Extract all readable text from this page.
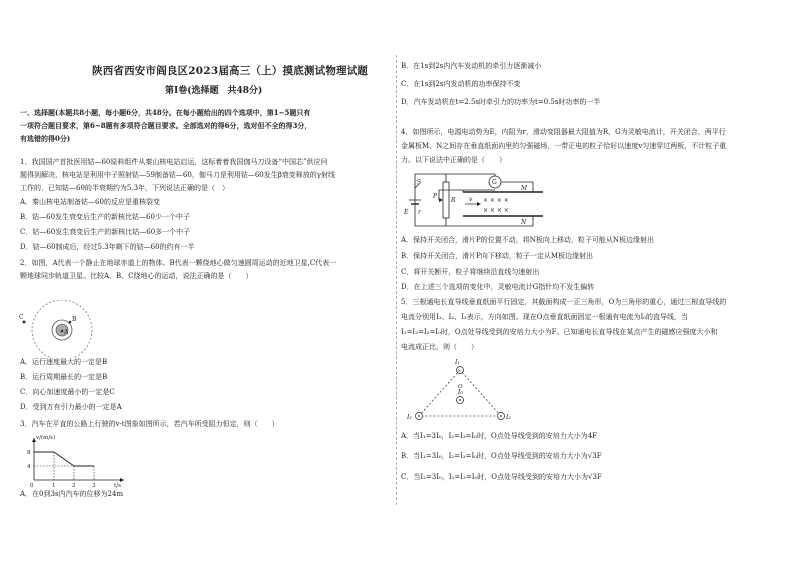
陕西省西安市阎良区2023届高三（上）摸底测试物理试题
第Ⅰ卷(选择题　共48分)
一、选择题(本题共8小题，每小题6分，共48分。在每小题给出的四个选项中，第1~5题只有
一项符合题目要求，第6~8题有多项符合题目要求。全部选对的得6分，选对但不全的得3分，
有选错的得0分)
1．我国国产首批医用钴—60原料组件从秦山核电站启运，这标着着我国伽马刀设备“中国芯”供应问
题得到解决，核电站是利用中子照射钴—59制备钴—60，伽马刀是利用钴—60发生β衰变释放的γ射线
工作的，已知钴—60的半衰期约为5.3年，下列说法正确的是（　）
A．秦山核电站制备钴—60的反应是重核裂变
B．钴—60发生衰变后生产的新核比钴—60少一个中子
C．钴—60发生衰变后生产的新核比钴—60多一个中子
D．钴—60制成后，经过5.3年剩下的钴—60的约有一半
2．如图，A代表一个静止在地球赤道上的物体、B代表一颗绕地心做匀速圆周运动的近地卫星,C代表一
颗地球同步轨道卫星。比较A、B、C绕地心的运动，说法正确的是（　　）
C	B
A
A．运行速度最大的一定是B
B．运行周期最长的一定是B
C．向心加速度最小的一定是C
D．受到万有引力最小的一定是A
3．汽车在平直的公路上行驶的v-t图象如图所示，若汽车所受阻力恒定，则（　　）
v/(m/s)
8
4
0	1	2	3	t/s
A．在0到3s内汽车的位移为24m
B．在1s到2s内汽车发动机的牵引力逐渐减小
C．在1s到2s内发动机的功率保持不变
D．汽车发动机在t=2.5s时牵引力的功率为t=0.5s时功率的一半
4．如图所示，电源电动势为E，内阻为r，滑动变阻器最大阻值为R，G为灵敏电流计，开关闭合，两平行
金属板M、N之间存在垂直纸面向里的匀强磁场，一带正电的粒子恰好以速度v匀速穿过两板，不计粒子重
力。以下说法中正确的是（　　）
S
E r
R
P
G
M
N
v × × × ×
× × × ×
A．保持开关闭合，滑片P的位置不动，将N板向上移动，粒子可能从N板边缘射出
B．保持开关闭合，滑片P向下移动，粒子一定从M板边缘射出
C．将开关断开，粒子将继续沿直线匀速射出
D．在上述三个选项的变化中，灵敏电流计G指针均不发生偏转
5．三根通电长直导线垂直纸面平行固定，其截面构成一正三角形，O为三角形的重心，通过三根直导线的
电流分别用I₁、I₂、I₃表示，方向如图。现在O点垂直纸面固定一根通有电流为I₀的直导线，当
I₁=I₂=I₃=I₀时，O点处导线受到的安培力大小为F。已知通电长直导线在某点产生的磁感应强度大小和
电流成正比，则（　　）
×
I₁
I₂	I₃
I₀
O
A．当I₁=3I₀，I₂=I₃=I₀时，O点处导线受到的安培力大小为4F
B．当I₁=3I₀，I₂=I₃=I₀时，O点处导线受到的安培力大小为√3F
C．当I₂=3I₀，I₁=I₃=I₀时，O点处导线受到的安培力大小为√3F
